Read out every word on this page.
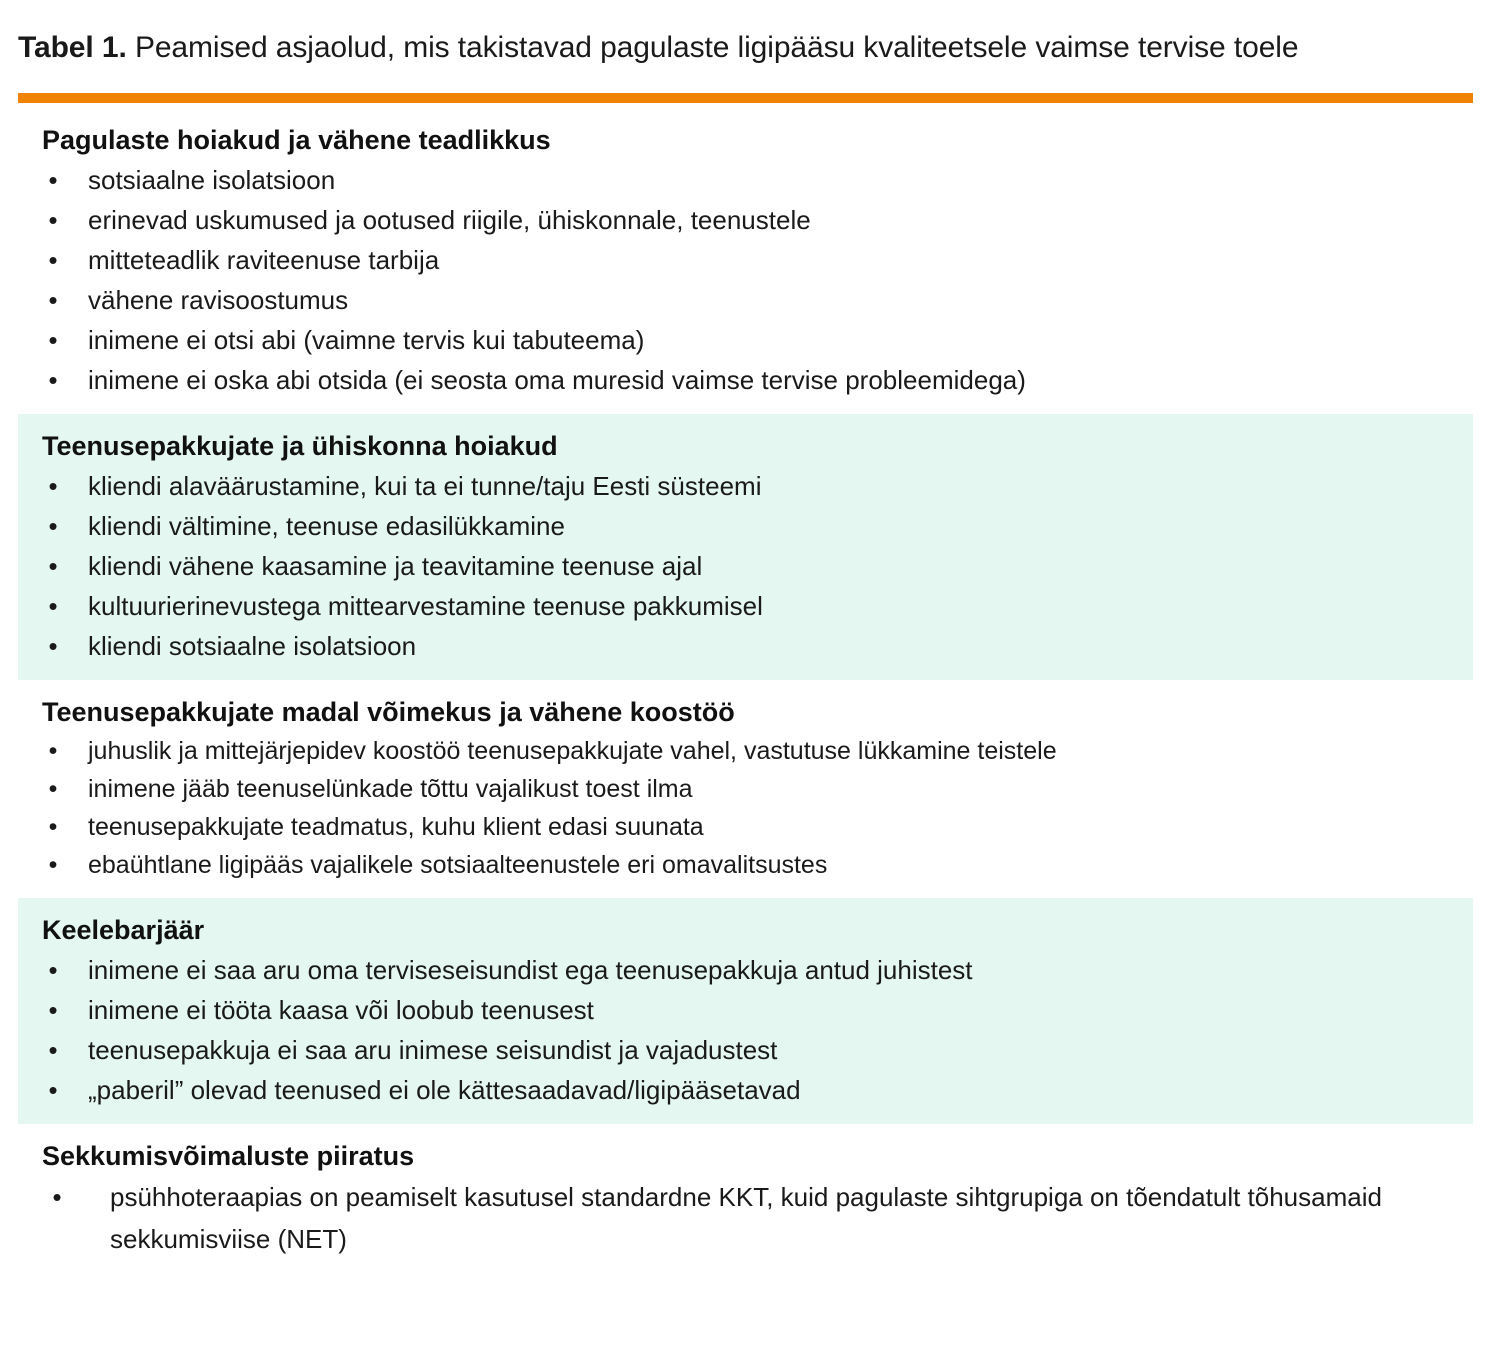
Tabel 1. Peamised asjaolud, mis takistavad pagulaste ligipääsu kvaliteetsele vaimse tervise toele
Pagulaste hoiakud ja vähene teadlikkus
• sotsiaalne isolatsioon
• erinevad uskumused ja ootused riigile, ühiskonnale, teenustele
• mitteteadlik raviteenuse tarbija
• vähene ravisoostumus
• inimene ei otsi abi (vaimne tervis kui tabuteema)
• inimene ei oska abi otsida (ei seosta oma muresid vaimse tervise probleemidega)
Teenusepakkujate ja ühiskonna hoiakud
• kliendi alaväärustamine, kui ta ei tunne/taju Eesti süsteemi
• kliendi vältimine, teenuse edasilükkamine
• kliendi vähene kaasamine ja teavitamine teenuse ajal
• kultuurierinevustega mittearvestamine teenuse pakkumisel
• kliendi sotsiaalne isolatsioon
Teenusepakkujate madal võimekus ja vähene koostöö
• juhuslik ja mittejärjepidev koostöö teenusepakkujate vahel, vastutuse lükkamine teistele
• inimene jääb teenuselünkade tõttu vajalikust toest ilma
• teenusepakkujate teadmatus, kuhu klient edasi suunata
• ebaühtlane ligipääs vajalikele sotsiaalteenustele eri omavalitsustes
Keelebarjäär
• inimene ei saa aru oma terviseseisundist ega teenusepakkuja antud juhistest
• inimene ei tööta kaasa või loobub teenusest
• teenusepakkuja ei saa aru inimese seisundist ja vajadustest
• „paberil” olevad teenused ei ole kättesaadavad/ligipääsetavad
Sekkumisvõimaluste piiratus
• psühhoteraapias on peamiselt kasutusel standardne KKT, kuid pagulaste sihtgrupiga on tõendatult tõhusamaid sekkumisviise (NET)
